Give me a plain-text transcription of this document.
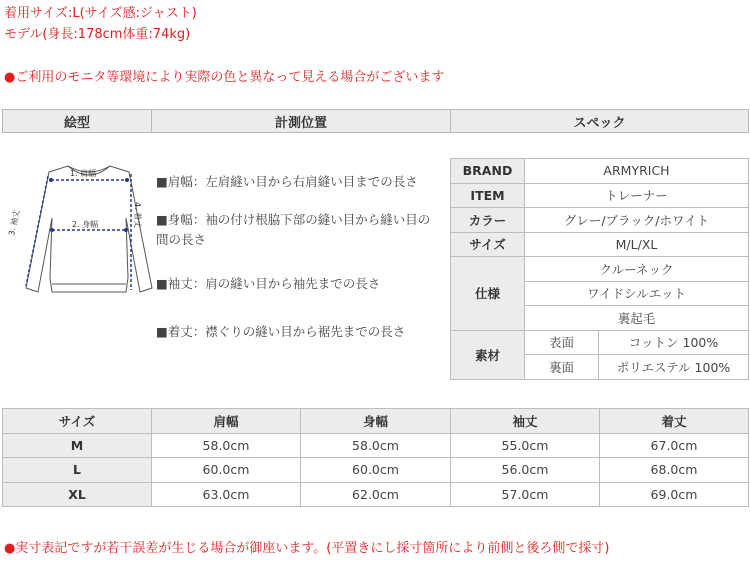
着用サイズ:L(サイズ感:ジャスト)
モデル(身長:178cm体重:74kg)
●ご利用のモニタ等環境により実際の色と異なって見える場合がございます
絵型	計測位置	スペック
1. 肩幅
2. 身幅
3. 袖丈	4. 着丈
■肩幅：左肩縫い目から右肩縫い目までの長さ
■身幅：袖の付け根脇下部の縫い目から縫い目の間の長さ
■袖丈：肩の縫い目から袖先までの長さ
■着丈：襟ぐりの縫い目から裾先までの長さ
BRAND	ARMYRICH	
ITEM	トレーナー	
カラー	グレー/ブラック/ホワイト	
サイズ	M/L/XL	
仕様	クルーネック	
	ワイドシルエット	
	裏起毛	
素材	表面	コットン 100%
	裏面	ポリエステル 100%
サイズ	肩幅	身幅	袖丈	着丈
M	58.0cm	58.0cm	55.0cm	67.0cm
L	60.0cm	60.0cm	56.0cm	68.0cm
XL	63.0cm	62.0cm	57.0cm	69.0cm
●実寸表記ですが若干誤差が生じる場合が御座います。(平置きにし採寸箇所により前側と後ろ側で採寸)
